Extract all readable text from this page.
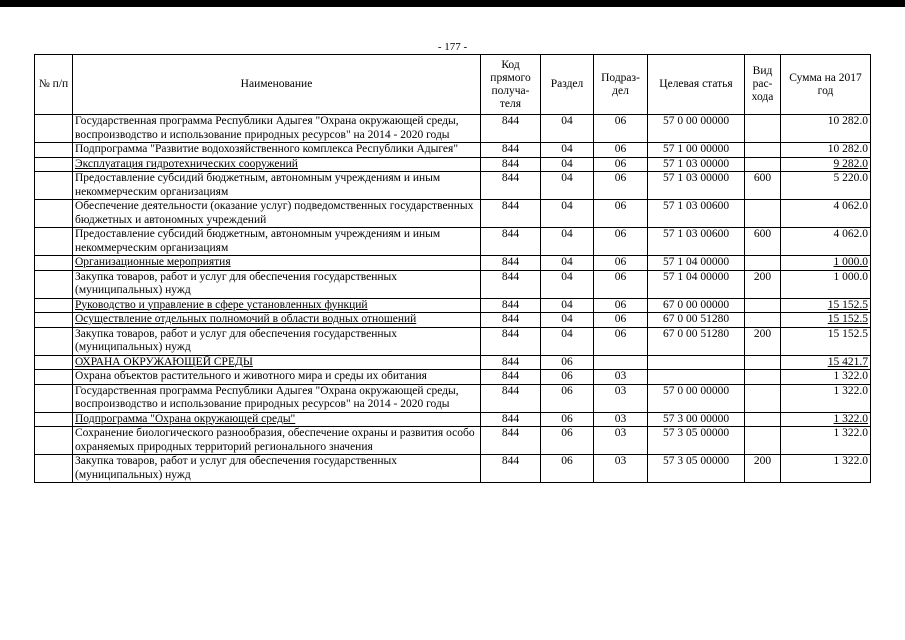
- 177 -
№ п/п	Наименование	Код прямого получа-теля	Раздел	Подраз-дел	Целевая статья	Вид рас-хода	Сумма на 2017 год
	Государственная программа Республики Адыгея "Охрана окружающей среды, воспроизводство и использование природных ресурсов" на 2014 - 2020 годы	844	04	06	57 0 00 00000		10 282.0
	Подпрограмма "Развитие водохозяйственного комплекса Республики Адыгея"	844	04	06	57 1 00 00000		10 282.0
	Эксплуатация гидротехнических сооружений	844	04	06	57 1 03 00000		9 282.0
	Предоставление субсидий бюджетным, автономным учреждениям и иным некоммерческим организациям	844	04	06	57 1 03 00000	600	5 220.0
	Обеспечение деятельности (оказание услуг) подведомственных государственных бюджетных и автономных учреждений	844	04	06	57 1 03 00600		4 062.0
	Предоставление субсидий бюджетным, автономным учреждениям и иным некоммерческим организациям	844	04	06	57 1 03 00600	600	4 062.0
	Организационные мероприятия	844	04	06	57 1 04 00000		1 000.0
	Закупка товаров, работ и услуг для обеспечения государственных (муниципальных) нужд	844	04	06	57 1 04 00000	200	1 000.0
	Руководство и управление в сфере установленных функций	844	04	06	67 0 00 00000		15 152.5
	Осуществление отдельных полномочий в области водных отношений	844	04	06	67 0 00 51280		15 152.5
	Закупка товаров, работ и услуг для обеспечения государственных (муниципальных) нужд	844	04	06	67 0 00 51280	200	15 152.5
	ОХРАНА ОКРУЖАЮЩЕЙ СРЕДЫ	844	06				15 421.7
	Охрана объектов растительного и животного мира и среды их обитания	844	06	03			1 322.0
	Государственная программа Республики Адыгея "Охрана окружающей среды, воспроизводство и использование природных ресурсов" на 2014 - 2020 годы	844	06	03	57 0 00 00000		1 322.0
	Подпрограмма "Охрана окружающей среды"	844	06	03	57 3 00 00000		1 322.0
	Сохранение биологического разнообразия, обеспечение охраны и развития особо охраняемых природных территорий регионального значения	844	06	03	57 3 05 00000		1 322.0
	Закупка товаров, работ и услуг для обеспечения государственных (муниципальных) нужд	844	06	03	57 3 05 00000	200	1 322.0
